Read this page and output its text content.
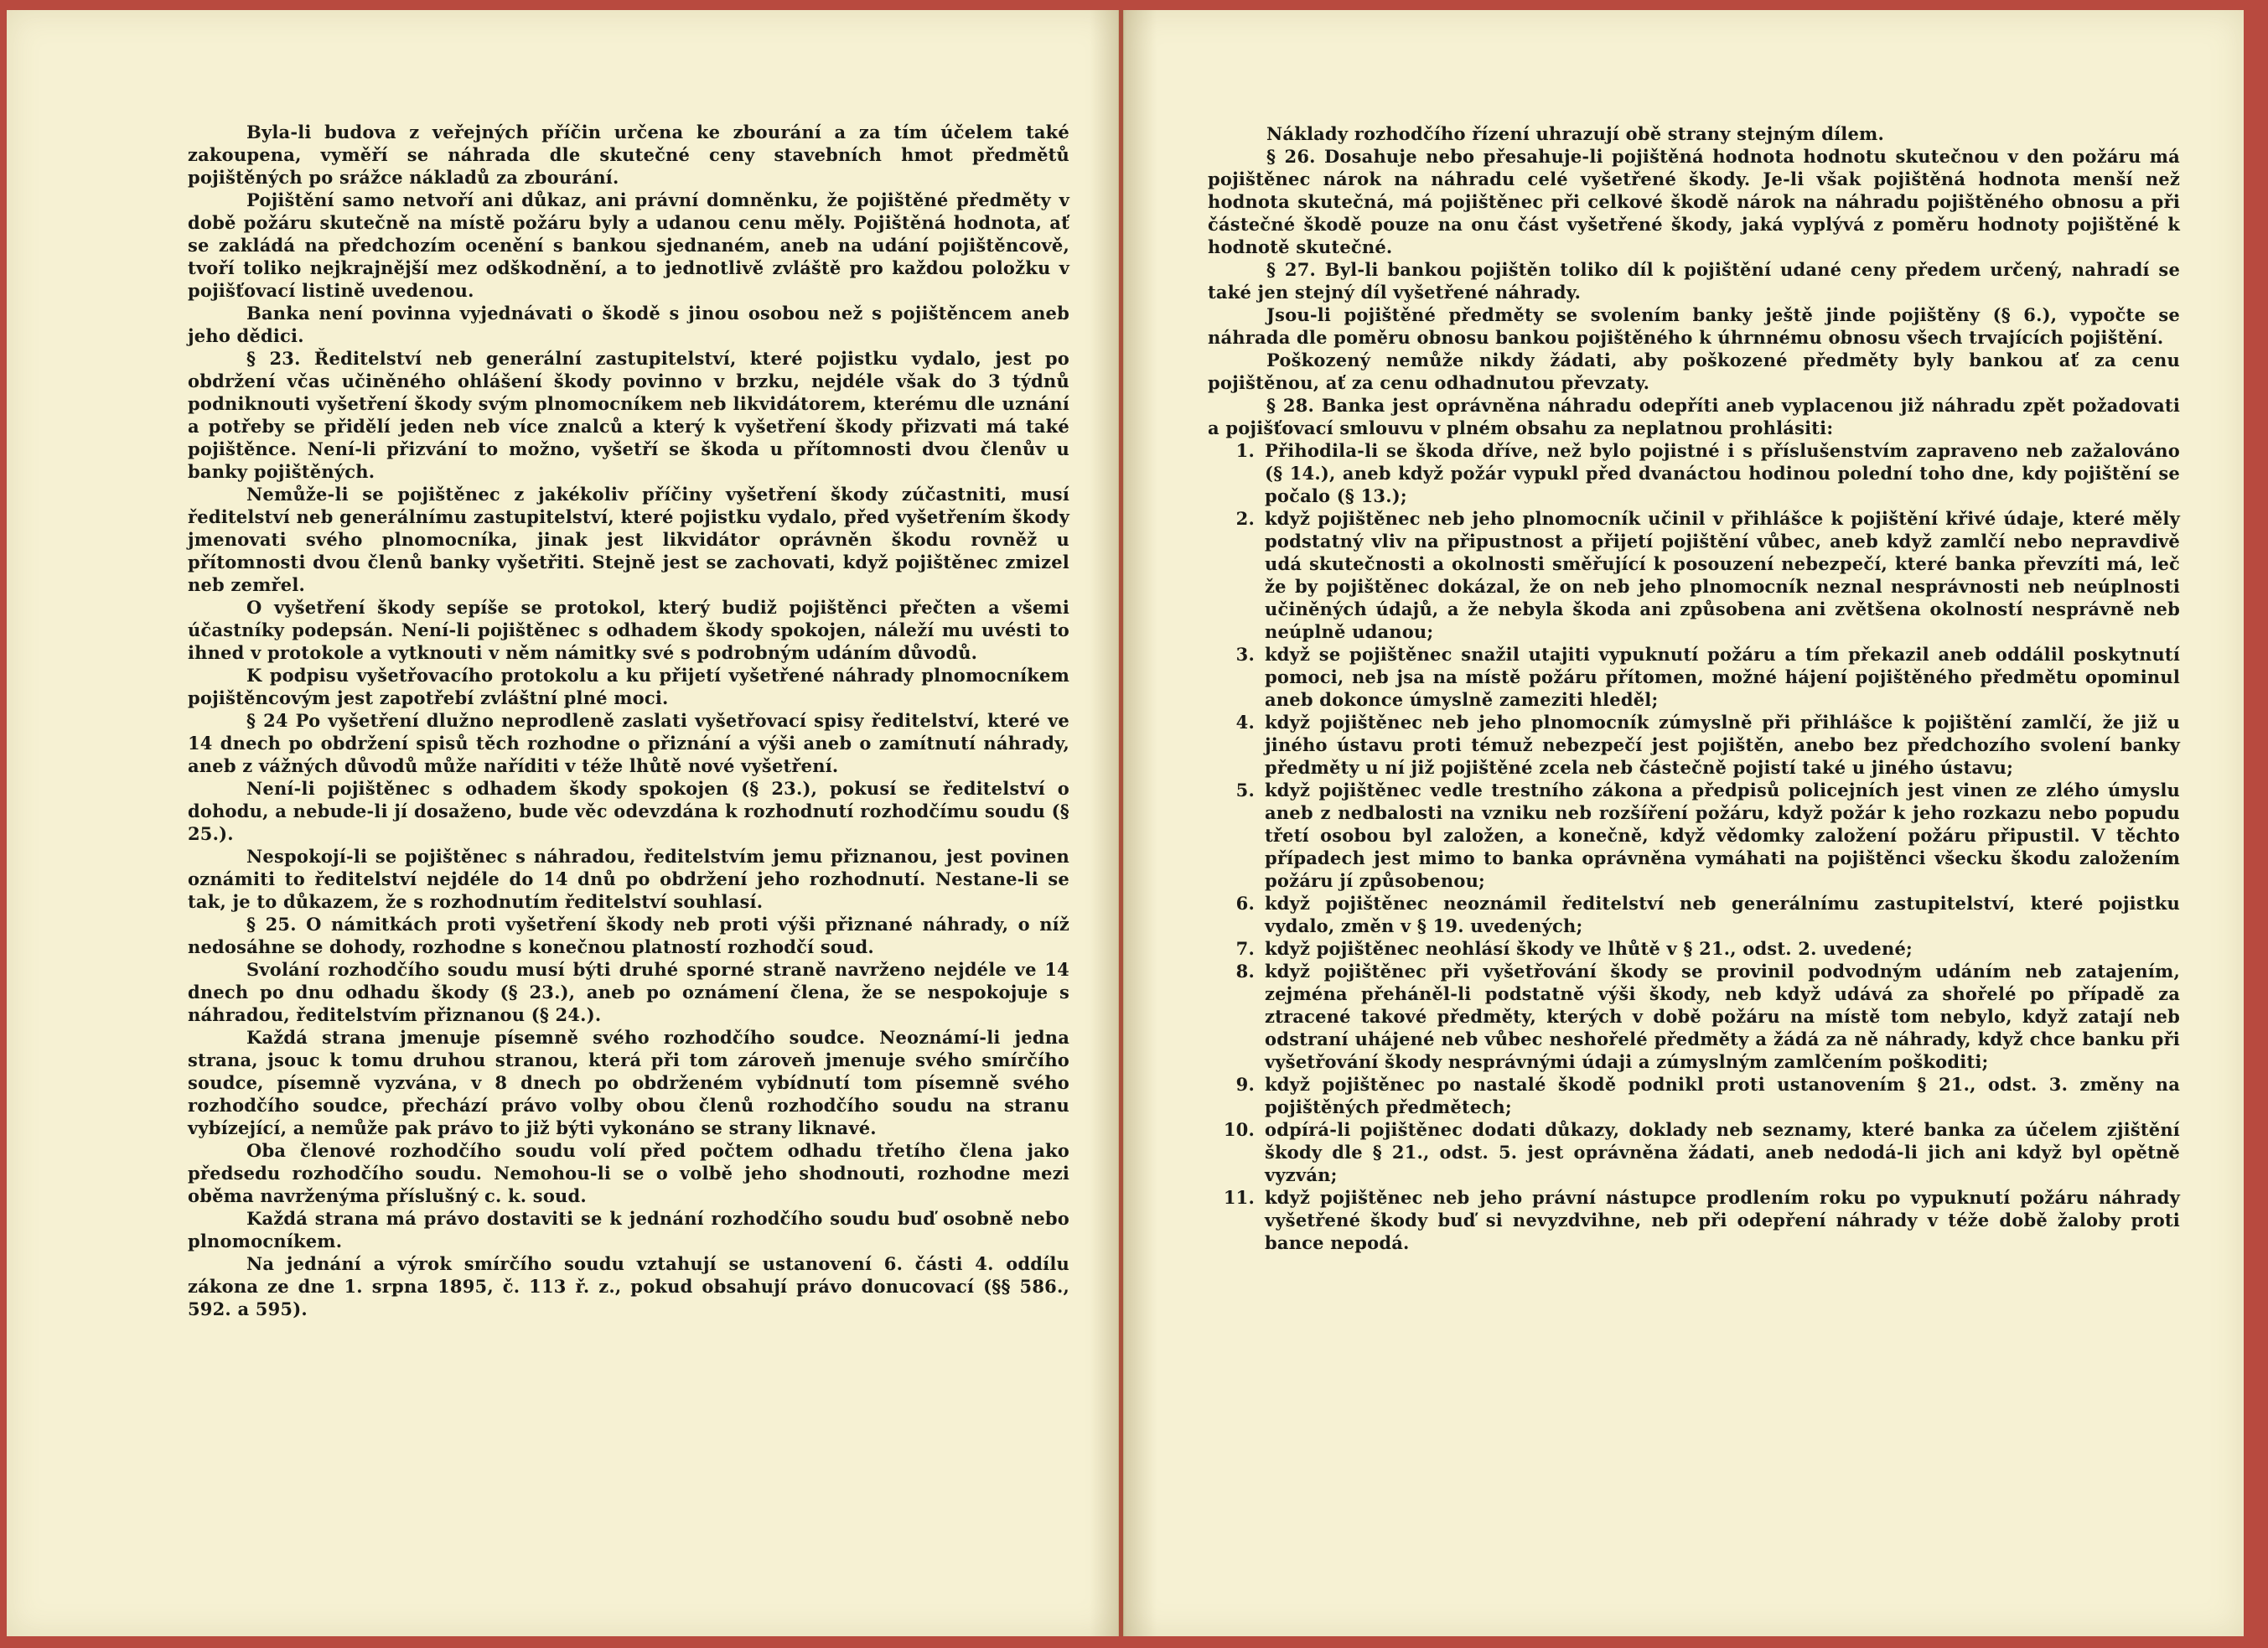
Byla-li budova z veřejných příčin určena ke zbourání a za tím účelem také zakoupena, vyměří se náhrada dle skutečné ceny stavebních hmot předmětů pojištěných po srážce nákladů za zbourání.

Pojištění samo netvoří ani důkaz, ani právní domněnku, že pojištěné předměty v době požáru skutečně na místě požáru byly a udanou cenu měly. Pojištěná hodnota, ať se zakládá na předchozím ocenění s bankou sjednaném, aneb na udání pojištěncově, tvoří toliko nejkrajnější mez odškodnění, a to jednotlivě zvláště pro každou položku v pojišťovací listině uvedenou.

Banka není povinna vyjednávati o škodě s jinou osobou než s pojištěncem aneb jeho dědici.

§ 23. Ředitelství neb generální zastupitelství, které pojistku vydalo, jest po obdržení včas učiněného ohlášení škody povinno v brzku, nejdéle však do 3 týdnů podniknouti vyšetření škody svým plnomocníkem neb likvidátorem, kterému dle uznání a potřeby se přidělí jeden neb více znalců a který k vyšetření škody přizvati má také pojištěnce. Není-li přizvání to možno, vyšetří se škoda u přítomnosti dvou členův u banky pojištěných.

Nemůže-li se pojištěnec z jakékoliv příčiny vyšetření škody zúčastniti, musí ředitelství neb generálnímu zastupitelství, které pojistku vydalo, před vyšetřením škody jmenovati svého plnomocníka, jinak jest likvidátor oprávněn škodu rovněž u přítomnosti dvou členů banky vyšetřiti. Stejně jest se zachovati, když pojištěnec zmizel neb zemřel.

O vyšetření škody sepíše se protokol, který budiž pojištěnci přečten a všemi účastníky podepsán. Není-li pojištěnec s odhadem škody spokojen, náleží mu uvésti to ihned v protokole a vytknouti v něm námitky své s podrobným udáním důvodů.

K podpisu vyšetřovacího protokolu a ku přijetí vyšetřené náhrady plnomocníkem pojištěncovým jest zapotřebí zvláštní plné moci.

§ 24 Po vyšetření dlužno neprodleně zaslati vyšetřovací spisy ředitelství, které ve 14 dnech po obdržení spisů těch rozhodne o přiznání a výši aneb o zamítnutí náhrady, aneb z vážných důvodů může naříditi v téže lhůtě nové vyšetření.

Není-li pojištěnec s odhadem škody spokojen (§ 23.), pokusí se ředitelství o dohodu, a nebude-li jí dosaženo, bude věc odevzdána k rozhodnutí rozhodčímu soudu (§ 25.).

Nespokojí-li se pojištěnec s náhradou, ředitelstvím jemu přiznanou, jest povinen oznámiti to ředitelství nejdéle do 14 dnů po obdržení jeho rozhodnutí. Nestane-li se tak, je to důkazem, že s rozhodnutím ředitelství souhlasí.

§ 25. O námitkách proti vyšetření škody neb proti výši přiznané náhrady, o níž nedosáhne se dohody, rozhodne s konečnou platností rozhodčí soud.

Svolání rozhodčího soudu musí býti druhé sporné straně navrženo nejdéle ve 14 dnech po dnu odhadu škody (§ 23.), aneb po oznámení člena, že se nespokojuje s náhradou, ředitelstvím přiznanou (§ 24.).

Každá strana jmenuje písemně svého rozhodčího soudce. Neoznámí-li jedna strana, jsouc k tomu druhou stranou, která při tom zároveň jmenuje svého smírčího soudce, písemně vyzvána, v 8 dnech po obdrženém vybídnutí tom písemně svého rozhodčího soudce, přechází právo volby obou členů rozhodčího soudu na stranu vybízející, a nemůže pak právo to již býti vykonáno se strany liknavé.

Oba členové rozhodčího soudu volí před počtem odhadu třetího člena jako předsedu rozhodčího soudu. Nemohou-li se o volbě jeho shodnouti, rozhodne mezi oběma navrženýma příslušný c. k. soud.

Každá strana má právo dostaviti se k jednání rozhodčího soudu buď osobně nebo plnomocníkem.

Na jednání a výrok smírčího soudu vztahují se ustanovení 6. části 4. oddílu zákona ze dne 1. srpna 1895, č. 113 ř. z., pokud obsahují právo donucovací (§§ 586., 592. a 595).

Náklady rozhodčího řízení uhrazují obě strany stejným dílem.

§ 26. Dosahuje nebo přesahuje-li pojištěná hodnota hodnotu skutečnou v den požáru má pojištěnec nárok na náhradu celé vyšetřené škody. Je-li však pojištěná hodnota menší než hodnota skutečná, má pojištěnec při celkové škodě nárok na náhradu pojištěného obnosu a při částečné škodě pouze na onu část vyšetřené škody, jaká vyplývá z poměru hodnoty pojištěné k hodnotě skutečné.

§ 27. Byl-li bankou pojištěn toliko díl k pojištění udané ceny předem určený, nahradí se také jen stejný díl vyšetřené náhrady.

Jsou-li pojištěné předměty se svolením banky ještě jinde pojištěny (§ 6.), vypočte se náhrada dle poměru obnosu bankou pojištěného k úhrnnému obnosu všech trvajících pojištění.

Poškozený nemůže nikdy žádati, aby poškozené předměty byly bankou ať za cenu pojištěnou, ať za cenu odhadnutou převzaty.

§ 28. Banka jest oprávněna náhradu odepříti aneb vyplacenou již náhradu zpět požadovati a pojišťovací smlouvu v plném obsahu za neplatnou prohlásiti:

1. Přihodila-li se škoda dříve, než bylo pojistné i s příslušenstvím zapraveno neb zažalováno (§ 14.), aneb když požár vypukl před dvanáctou hodinou polední toho dne, kdy pojištění se počalo (§ 13.);
2. když pojištěnec neb jeho plnomocník učinil v přihlášce k pojištění křivé údaje, které měly podstatný vliv na připustnost a přijetí pojištění vůbec, aneb když zamlčí nebo nepravdivě udá skutečnosti a okolnosti směřující k posouzení nebezpečí, které banka převzíti má, leč že by pojištěnec dokázal, že on neb jeho plnomocník neznal nesprávnosti neb neúplnosti učiněných údajů, a že nebyla škoda ani způsobena ani zvětšena okolností nesprávně neb neúplně udanou;
3. když se pojištěnec snažil utajiti vypuknutí požáru a tím překazil aneb oddálil poskytnutí pomoci, neb jsa na místě požáru přítomen, možné hájení pojištěného předmětu opominul aneb dokonce úmyslně zameziti hleděl;
4. když pojištěnec neb jeho plnomocník zúmyslně při přihlášce k pojištění zamlčí, že již u jiného ústavu proti témuž nebezpečí jest pojištěn, anebo bez předchozího svolení banky předměty u ní již pojištěné zcela neb částečně pojistí také u jiného ústavu;
5. když pojištěnec vedle trestního zákona a předpisů policejních jest vinen ze zlého úmyslu aneb z nedbalosti na vzniku neb rozšíření požáru, když požár k jeho rozkazu nebo popudu třetí osobou byl založen, a konečně, když vědomky založení požáru připustil. V těchto případech jest mimo to banka oprávněna vymáhati na pojištěnci všecku škodu založením požáru jí způsobenou;
6. když pojištěnec neoznámil ředitelství neb generálnímu zastupitelství, které pojistku vydalo, změn v § 19. uvedených;
7. když pojištěnec neohlásí škody ve lhůtě v § 21., odst. 2. uvedené;
8. když pojištěnec při vyšetřování škody se provinil podvodným udáním neb zatajením, zejména přeháněl-li podstatně výši škody, neb když udává za shořelé po případě za ztracené takové předměty, kterých v době požáru na místě tom nebylo, když zatají neb odstraní uhájené neb vůbec neshořelé předměty a žádá za ně náhrady, když chce banku při vyšetřování škody nesprávnými údaji a zúmyslným zamlčením poškoditi;
9. když pojištěnec po nastalé škodě podnikl proti ustanovením § 21., odst. 3. změny na pojištěných předmětech;
10. odpírá-li pojištěnec dodati důkazy, doklady neb seznamy, které banka za účelem zjištění škody dle § 21., odst. 5. jest oprávněna žádati, aneb nedodá-li jich ani když byl opětně vyzván;
11. když pojištěnec neb jeho právní nástupce prodlením roku po vypuknutí požáru náhrady vyšetřené škody buď si nevyzdvihne, neb při odepření náhrady v téže době žaloby proti bance nepodá.
